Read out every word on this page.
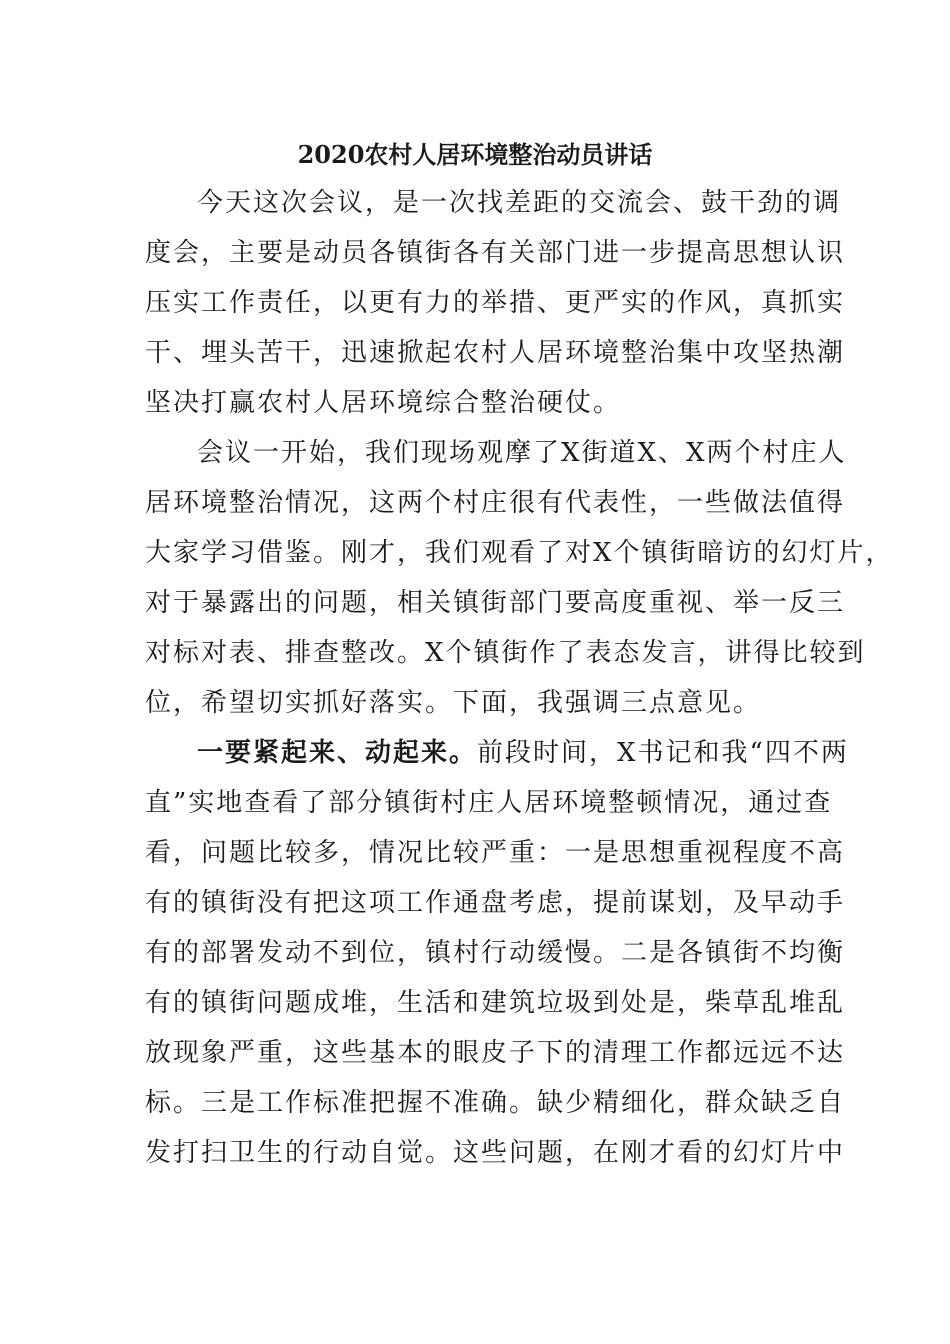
2020农村人居环境整治动员讲话
今天这次会议，是一次找差距的交流会、鼓干劲的调
度会，主要是动员各镇街各有关部门进一步提高思想认识
压实工作责任，以更有力的举措、更严实的作风，真抓实
干、埋头苦干，迅速掀起农村人居环境整治集中攻坚热潮
坚决打赢农村人居环境综合整治硬仗。
会议一开始，我们现场观摩了X街道X、X两个村庄人
居环境整治情况，这两个村庄很有代表性，一些做法值得
大家学习借鉴。刚才，我们观看了对X个镇街暗访的幻灯片，
对于暴露出的问题，相关镇街部门要高度重视、举一反三
对标对表、排查整改。X个镇街作了表态发言，讲得比较到
位，希望切实抓好落实。下面，我强调三点意见。
一要紧起来、动起来。前段时间，X书记和我“四不两
直”实地查看了部分镇街村庄人居环境整顿情况，通过查
看，问题比较多，情况比较严重：一是思想重视程度不高
有的镇街没有把这项工作通盘考虑，提前谋划，及早动手
有的部署发动不到位，镇村行动缓慢。二是各镇街不均衡
有的镇街问题成堆，生活和建筑垃圾到处是，柴草乱堆乱
放现象严重，这些基本的眼皮子下的清理工作都远远不达
标。三是工作标准把握不准确。缺少精细化，群众缺乏自
发打扫卫生的行动自觉。这些问题，在刚才看的幻灯片中
